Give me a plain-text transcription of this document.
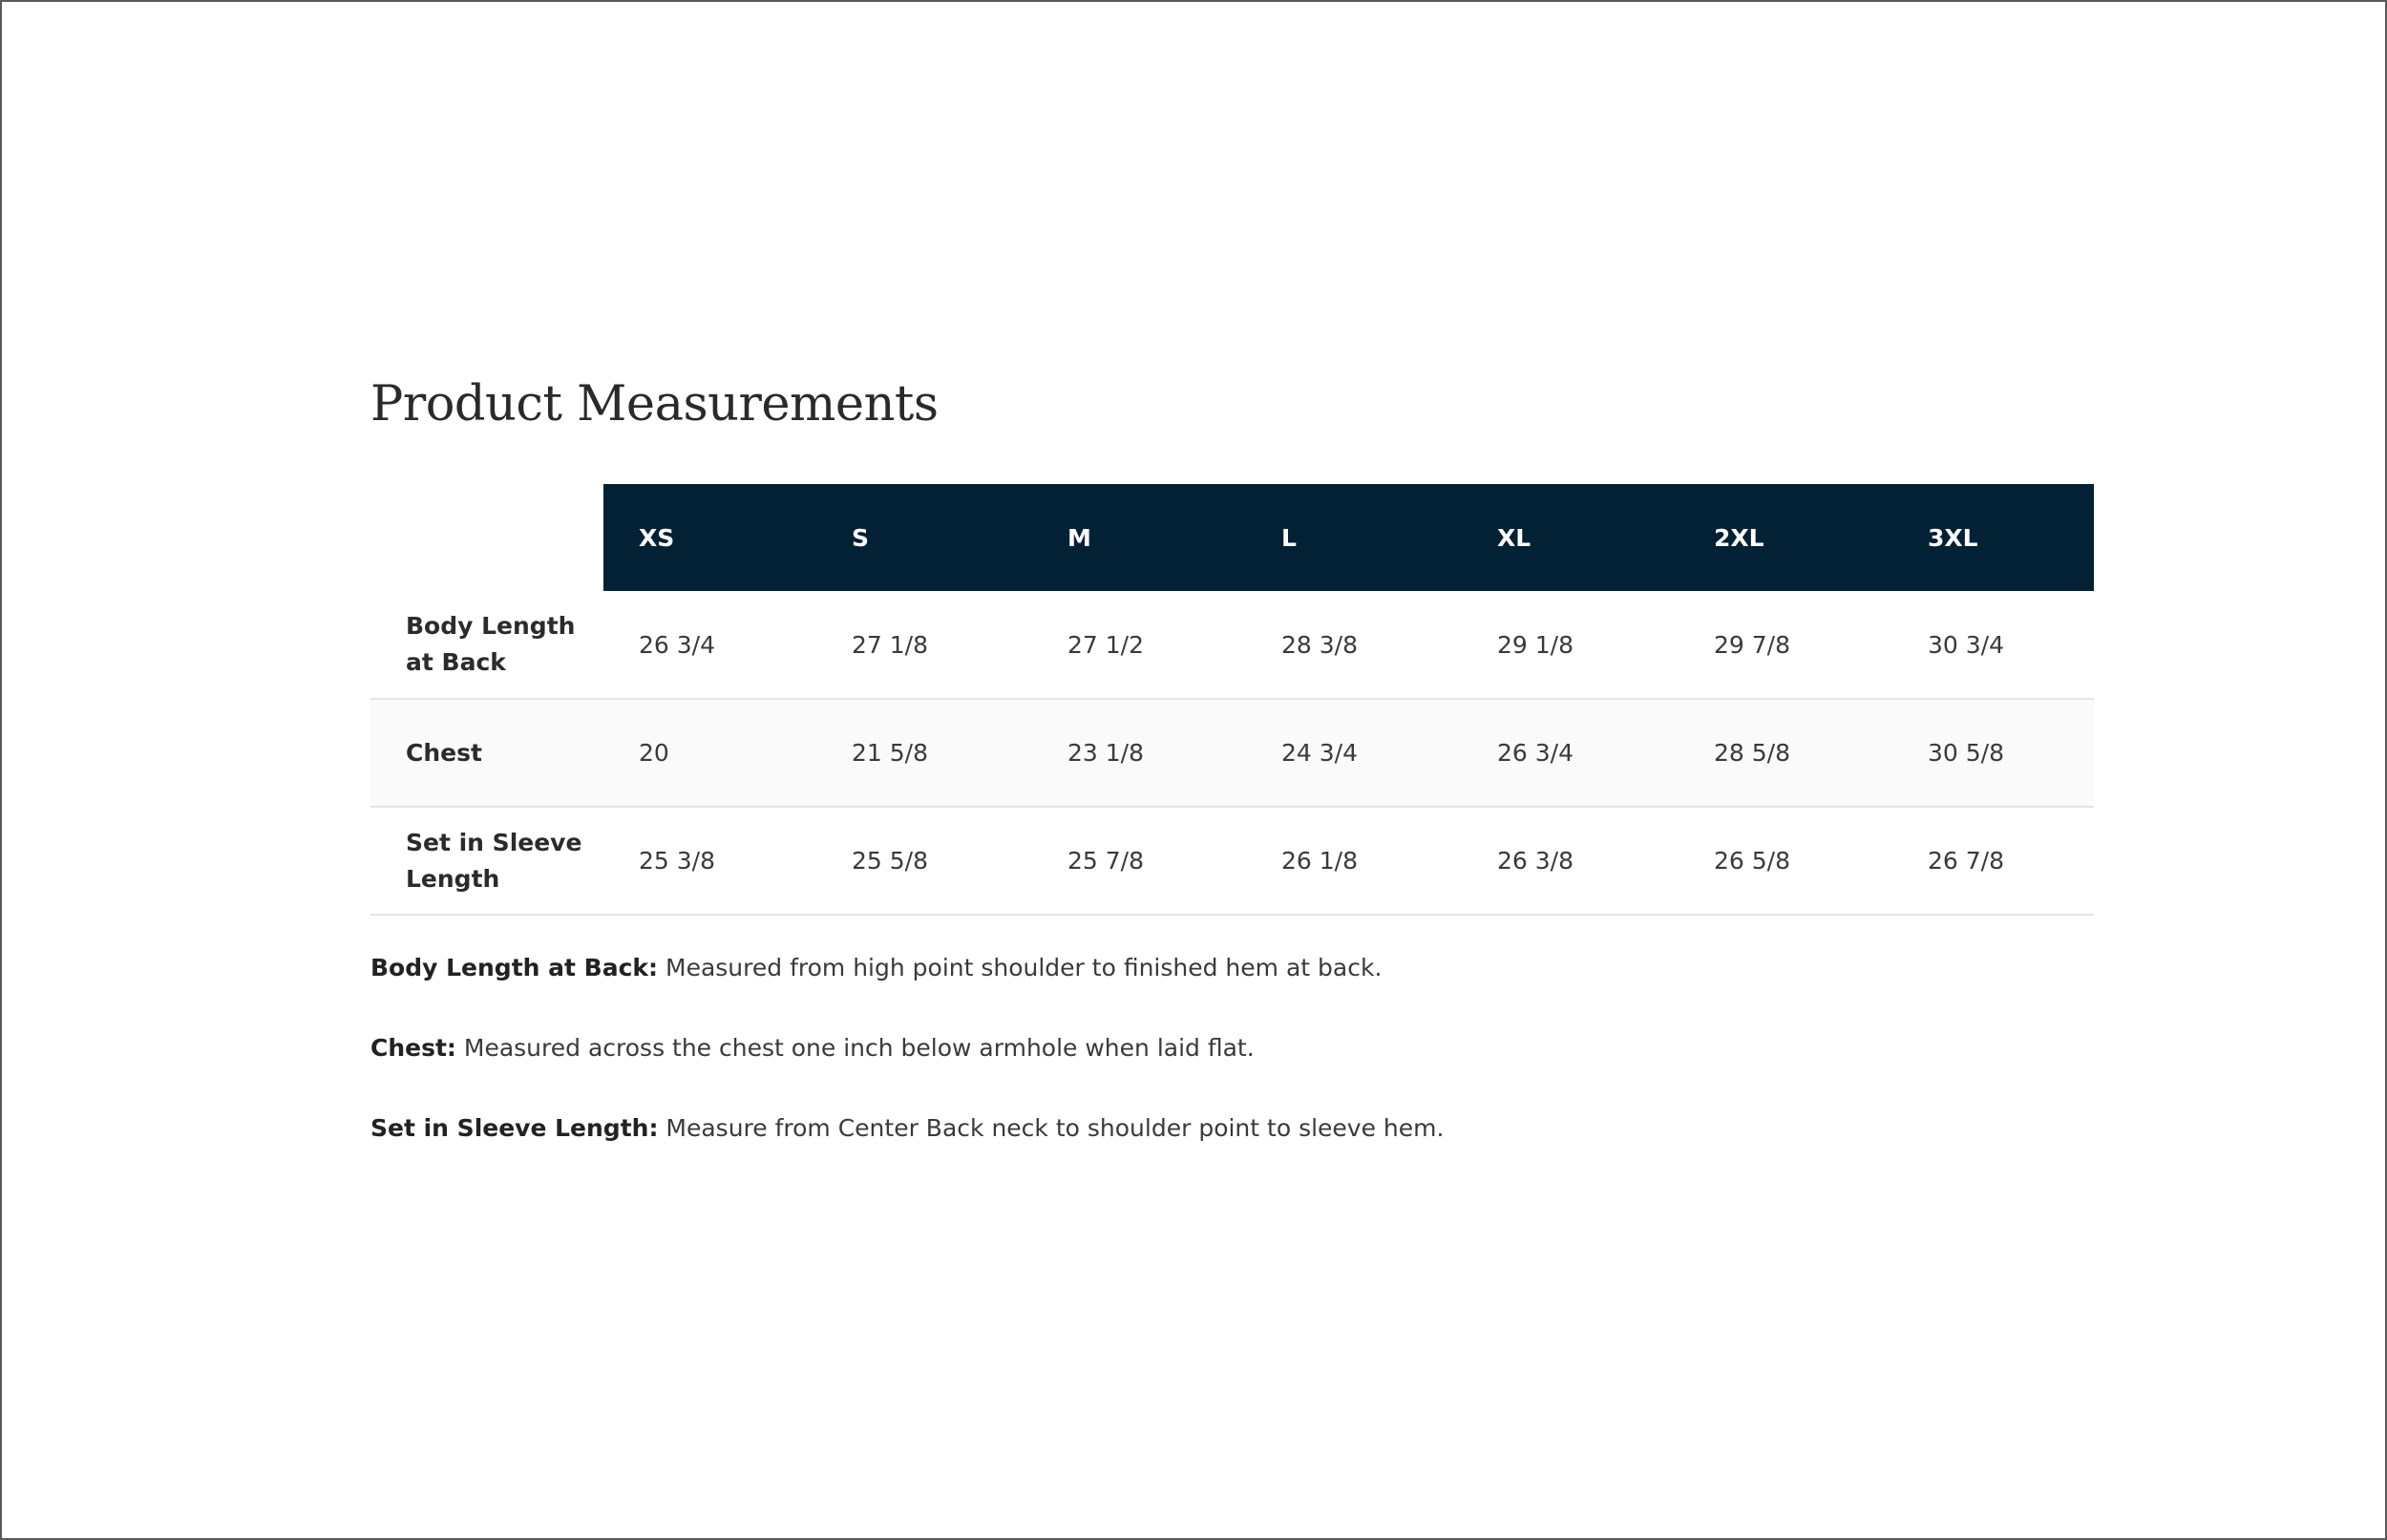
Product Measurements
	XS	S	M	L	XL	2XL	3XL
Body Length at Back	26 3/4	27 1/8	27 1/2	28 3/8	29 1/8	29 7/8	30 3/4
Chest	20	21 5/8	23 1/8	24 3/4	26 3/4	28 5/8	30 5/8
Set in Sleeve Length	25 3/8	25 5/8	25 7/8	26 1/8	26 3/8	26 5/8	26 7/8

Body Length at Back: Measured from high point shoulder to finished hem at back.

Chest: Measured across the chest one inch below armhole when laid flat.

Set in Sleeve Length: Measure from Center Back neck to shoulder point to sleeve hem.
